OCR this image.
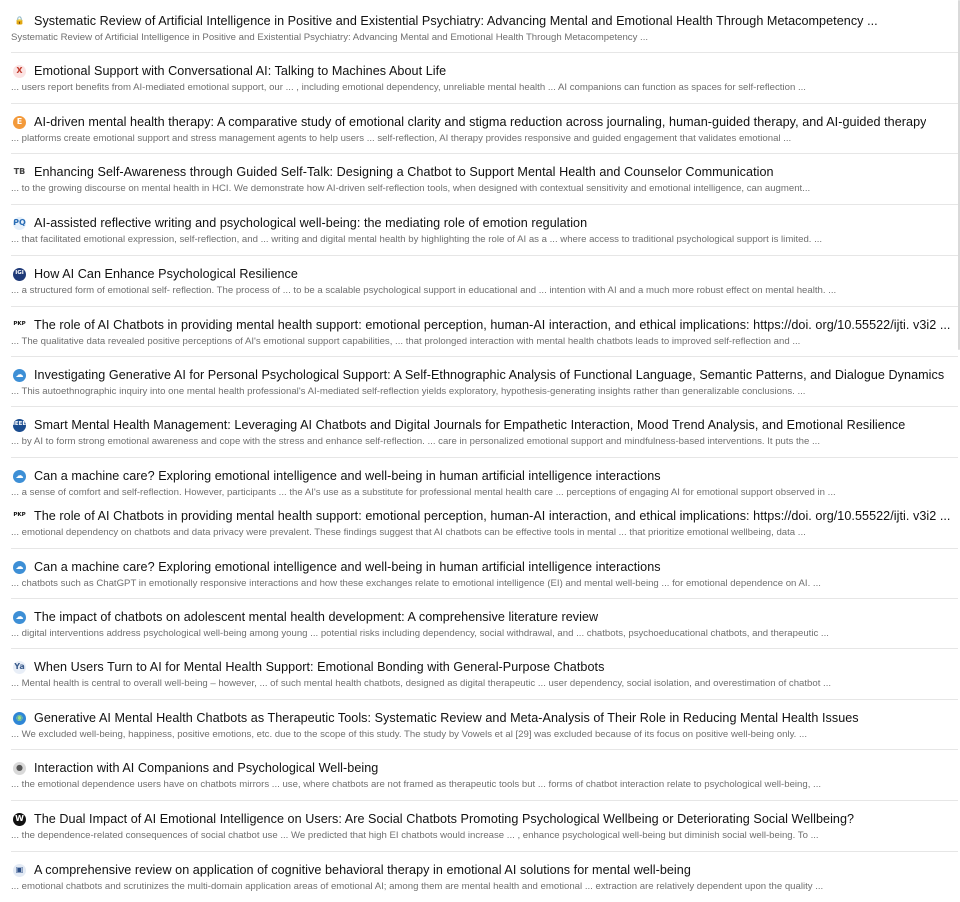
🔒 Systematic Review of Artificial Intelligence in Positive and Existential Psychiatry: Advancing Mental and Emotional Health Through Metacompetency ...
Systematic Review of Artificial Intelligence in Positive and Existential Psychiatry: Advancing Mental and Emotional Health Through Metacompetency ...
X Emotional Support with Conversational AI: Talking to Machines About Life
... users report benefits from AI-mediated emotional support, our ... , including emotional dependency, unreliable mental health ... AI companions can function as spaces for self-reflection ...
E AI-driven mental health therapy: A comparative study of emotional clarity and stigma reduction across journaling, human-guided therapy, and AI-guided therapy
... platforms create emotional support and stress management agents to help users ... self-reflection, AI therapy provides responsive and guided engagement that validates emotional ...
TB Enhancing Self-Awareness through Guided Self-Talk: Designing a Chatbot to Support Mental Health and Counselor Communication
... to the growing discourse on mental health in HCI. We demonstrate how AI-driven self-reflection tools, when designed with contextual sensitivity and emotional intelligence, can augment...
PQ AI-assisted reflective writing and psychological well-being: the mediating role of emotion regulation
... that facilitated emotional expression, self-reflection, and ... writing and digital mental health by highlighting the role of AI as a ... where access to traditional psychological support is limited. ...
IGI How AI Can Enhance Psychological Resilience
... a structured form of emotional self- reflection. The process of ... to be a scalable psychological support in educational and ... intention with AI and a much more robust effect on mental health. ...
PKP The role of AI Chatbots in providing mental health support: emotional perception, human-AI interaction, and ethical implications: https://doi. org/10.55522/ijti. v3i2 ...
... The qualitative data revealed positive perceptions of AI's emotional support capabilities, ... that prolonged interaction with mental health chatbots leads to improved self-reflection and ...
☁ Investigating Generative AI for Personal Psychological Support: A Self-Ethnographic Analysis of Functional Language, Semantic Patterns, and Dialogue Dynamics
... This autoethnographic inquiry into one mental health professional's AI-mediated self-reflection yields exploratory, hypothesis-generating insights rather than generalizable conclusions. ...
IEEE Smart Mental Health Management: Leveraging AI Chatbots and Digital Journals for Empathetic Interaction, Mood Trend Analysis, and Emotional Resilience
... by AI to form strong emotional awareness and cope with the stress and enhance self-reflection. ... care in personalized emotional support and mindfulness-based interventions. It puts the ...
☁ Can a machine care? Exploring emotional intelligence and well-being in human artificial intelligence interactions
... a sense of comfort and self-reflection. However, participants ... the AI's use as a substitute for professional mental health care ... perceptions of engaging AI for emotional support observed in ...
PKP The role of AI Chatbots in providing mental health support: emotional perception, human-AI interaction, and ethical implications: https://doi. org/10.55522/ijti. v3i2 ...
... emotional dependency on chatbots and data privacy were prevalent. These findings suggest that AI chatbots can be effective tools in mental ... that prioritize emotional wellbeing, data ...
☁ Can a machine care? Exploring emotional intelligence and well-being in human artificial intelligence interactions
... chatbots such as ChatGPT in emotionally responsive interactions and how these exchanges relate to emotional intelligence (EI) and mental well-being ... for emotional dependence on AI. ...
☁ The impact of chatbots on adolescent mental health development: A comprehensive literature review
... digital interventions address psychological well-being among young ... potential risks including dependency, social withdrawal, and ... chatbots, psychoeducational chatbots, and therapeutic ...
Ya When Users Turn to AI for Mental Health Support: Emotional Bonding with General-Purpose Chatbots
... Mental health is central to overall well-being – however, ... of such mental health chatbots, designed as digital therapeutic ... user dependency, social isolation, and overestimation of chatbot ...
◉ Generative AI Mental Health Chatbots as Therapeutic Tools: Systematic Review and Meta-Analysis of Their Role in Reducing Mental Health Issues
... We excluded well-being, happiness, positive emotions, etc. due to the scope of this study. The study by Vowels et al [29] was excluded because of its focus on positive well-being only. ...
● Interaction with AI Companions and Psychological Well-being
... the emotional dependence users have on chatbots mirrors ... use, where chatbots are not framed as therapeutic tools but ... forms of chatbot interaction relate to psychological well-being, ...
W The Dual Impact of AI Emotional Intelligence on Users: Are Social Chatbots Promoting Psychological Wellbeing or Deteriorating Social Wellbeing?
... the dependence-related consequences of social chatbot use ... We predicted that high EI chatbots would increase ... , enhance psychological well-being but diminish social well-being. To ...
▣ A comprehensive review on application of cognitive behavioral therapy in emotional AI solutions for mental well-being
... emotional chatbots and scrutinizes the multi-domain application areas of emotional AI; among them are mental health and emotional ... extraction are relatively dependent upon the quality ...
